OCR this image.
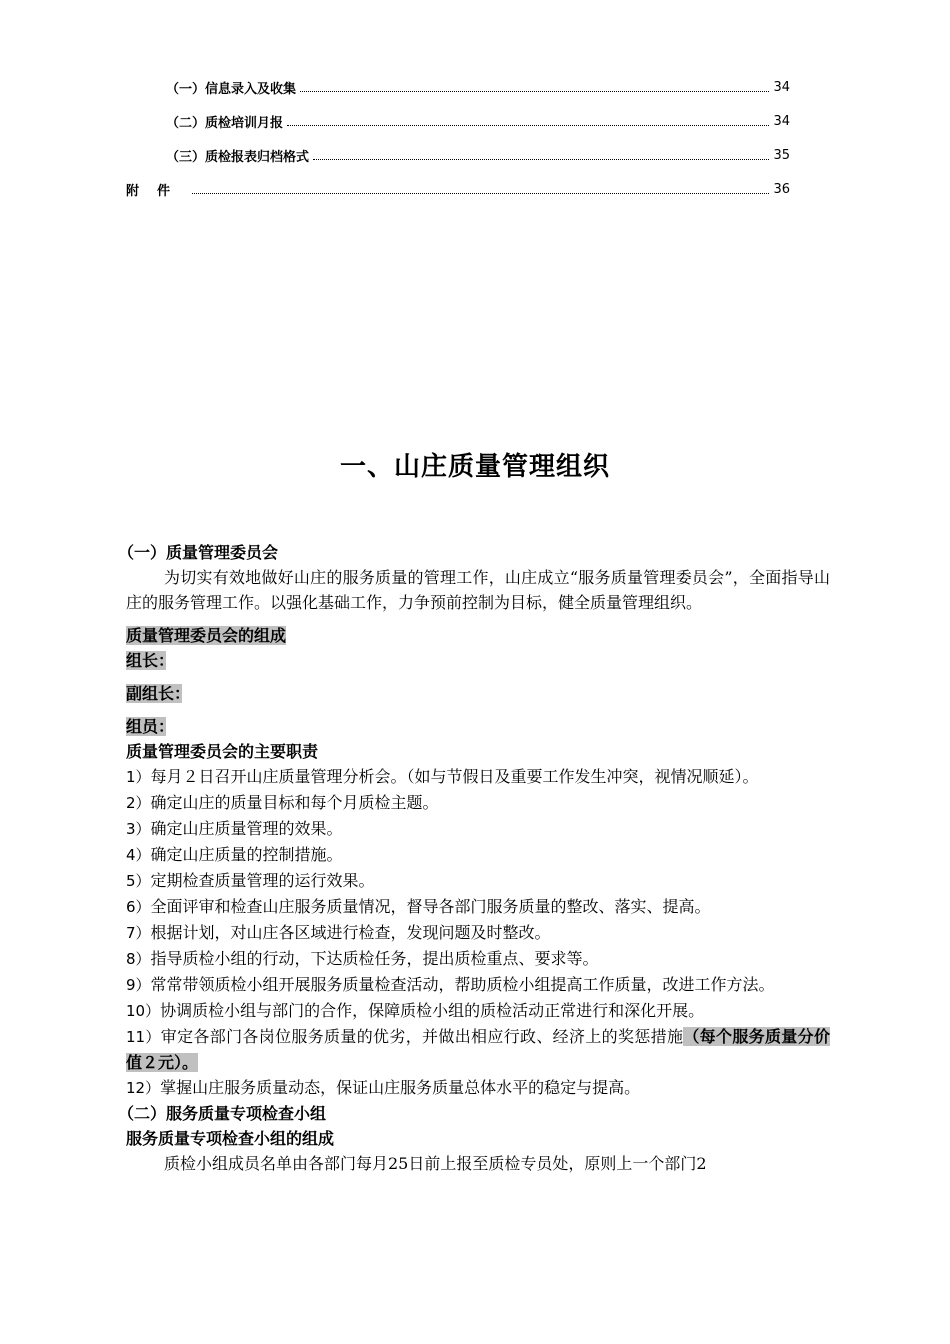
（一）信息录入及收集	34
（二）质检培训月报	34
（三）质检报表归档格式	35
附件	36
一、山庄质量管理组织
（一）质量管理委员会
为切实有效地做好山庄的服务质量的管理工作，山庄成立“服务质量管理委员会”，全面指导山庄的服务管理工作。以强化基础工作，力争预前控制为目标，健全质量管理组织。
质量管理委员会的组成
组长：　
副组长：　
组员：　
质量管理委员会的主要职责
1）每月２日召开山庄质量管理分析会。（如与节假日及重要工作发生冲突，视情况顺延）。
2）确定山庄的质量目标和每个月质检主题。
3）确定山庄质量管理的效果。
4）确定山庄质量的控制措施。
5）定期检查质量管理的运行效果。
6）全面评审和检查山庄服务质量情况，督导各部门服务质量的整改、落实、提高。
7）根据计划，对山庄各区域进行检查，发现问题及时整改。
8）指导质检小组的行动，下达质检任务，提出质检重点、要求等。
9）常常带领质检小组开展服务质量检查活动，帮助质检小组提高工作质量，改进工作方法。
10）协调质检小组与部门的合作，保障质检小组的质检活动正常进行和深化开展。
11）审定各部门各岗位服务质量的优劣，并做出相应行政、经济上的奖惩措施（每个服务质量分价值２元）。
12）掌握山庄服务质量动态，保证山庄服务质量总体水平的稳定与提高。
（二）服务质量专项检查小组
服务质量专项检查小组的组成
质检小组成员名单由各部门每月25日前上报至质检专员处，原则上一个部门2
